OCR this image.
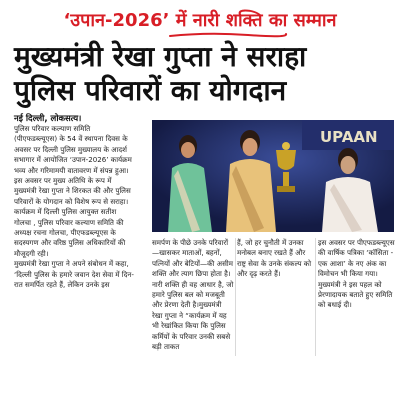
‘उपान-2026’ में नारी शक्ति का सम्मान
मुख्यमंत्री रेखा गुप्ता ने सराहा
पुलिस परिवारों का योगदान
नई दिल्ली, लोकसत्य।

पुलिस परिवार कल्याण समिति (पीएफडब्ल्यूएस) के 54 वें स्थापना दिवस के अवसर पर दिल्ली पुलिस मुख्यालय के आदर्श सभागार में आयोजित ‘उपान-2026’ कार्यक्रम भव्य और गरिमामयी वातावरण में संपन्न हुआ। इस अवसर पर मुख्य अतिथि के रूप में मुख्यमंत्री रेखा गुप्ता ने शिरकत की और पुलिस परिवारों के योगदान को विशेष रूप से सराहा।कार्यक्रम में दिल्ली पुलिस आयुक्त सतीश गोलचा , पुलिस परिवार कल्याण समिति की अध्यक्ष रचना गोलचा, पीएफडब्ल्यूएस के सदस्यगण और वरिष्ठ पुलिस अधिकारियों की मौजूदगी रही।

मुख्यमंत्री रेखा गुप्ता ने अपने संबोधन में कहा, ‘दिल्ली पुलिस के हमारे जवान देश सेवा में दिन-रात समर्पित रहते हैं, लेकिन उनके इस

UPAAN
समर्पण के पीछे उनके परिवारों—खासकर माताओं, बहनों, पत्नियों और बेटियों—की असीम शक्ति और त्याग छिपा होता है। नारी शक्ति ही वह आधार है, जो हमारे पुलिस बल को मजबूती और प्रेरणा देती है।मुख्यमंत्री रेखा गुप्ता ने “कार्यक्रम में यह भी रेखांकित किया कि पुलिस कर्मियों के परिवार उनकी सबसे बड़ी ताकत
हैं, जो हर चुनौती में उनका मनोबल बनाए रखते हैं और राष्ट्र सेवा के उनके संकल्प को और दृढ़ करते हैं।
इस अवसर पर पीएफडब्ल्यूएस की वार्षिक पत्रिका ‘कॉसिता - एक आशा’ के नए अंक का विमोचन भी किया गया। मुख्यमंत्री ने इस पहल को प्रेरणादायक बताते हुए समिति को बधाई दी।
